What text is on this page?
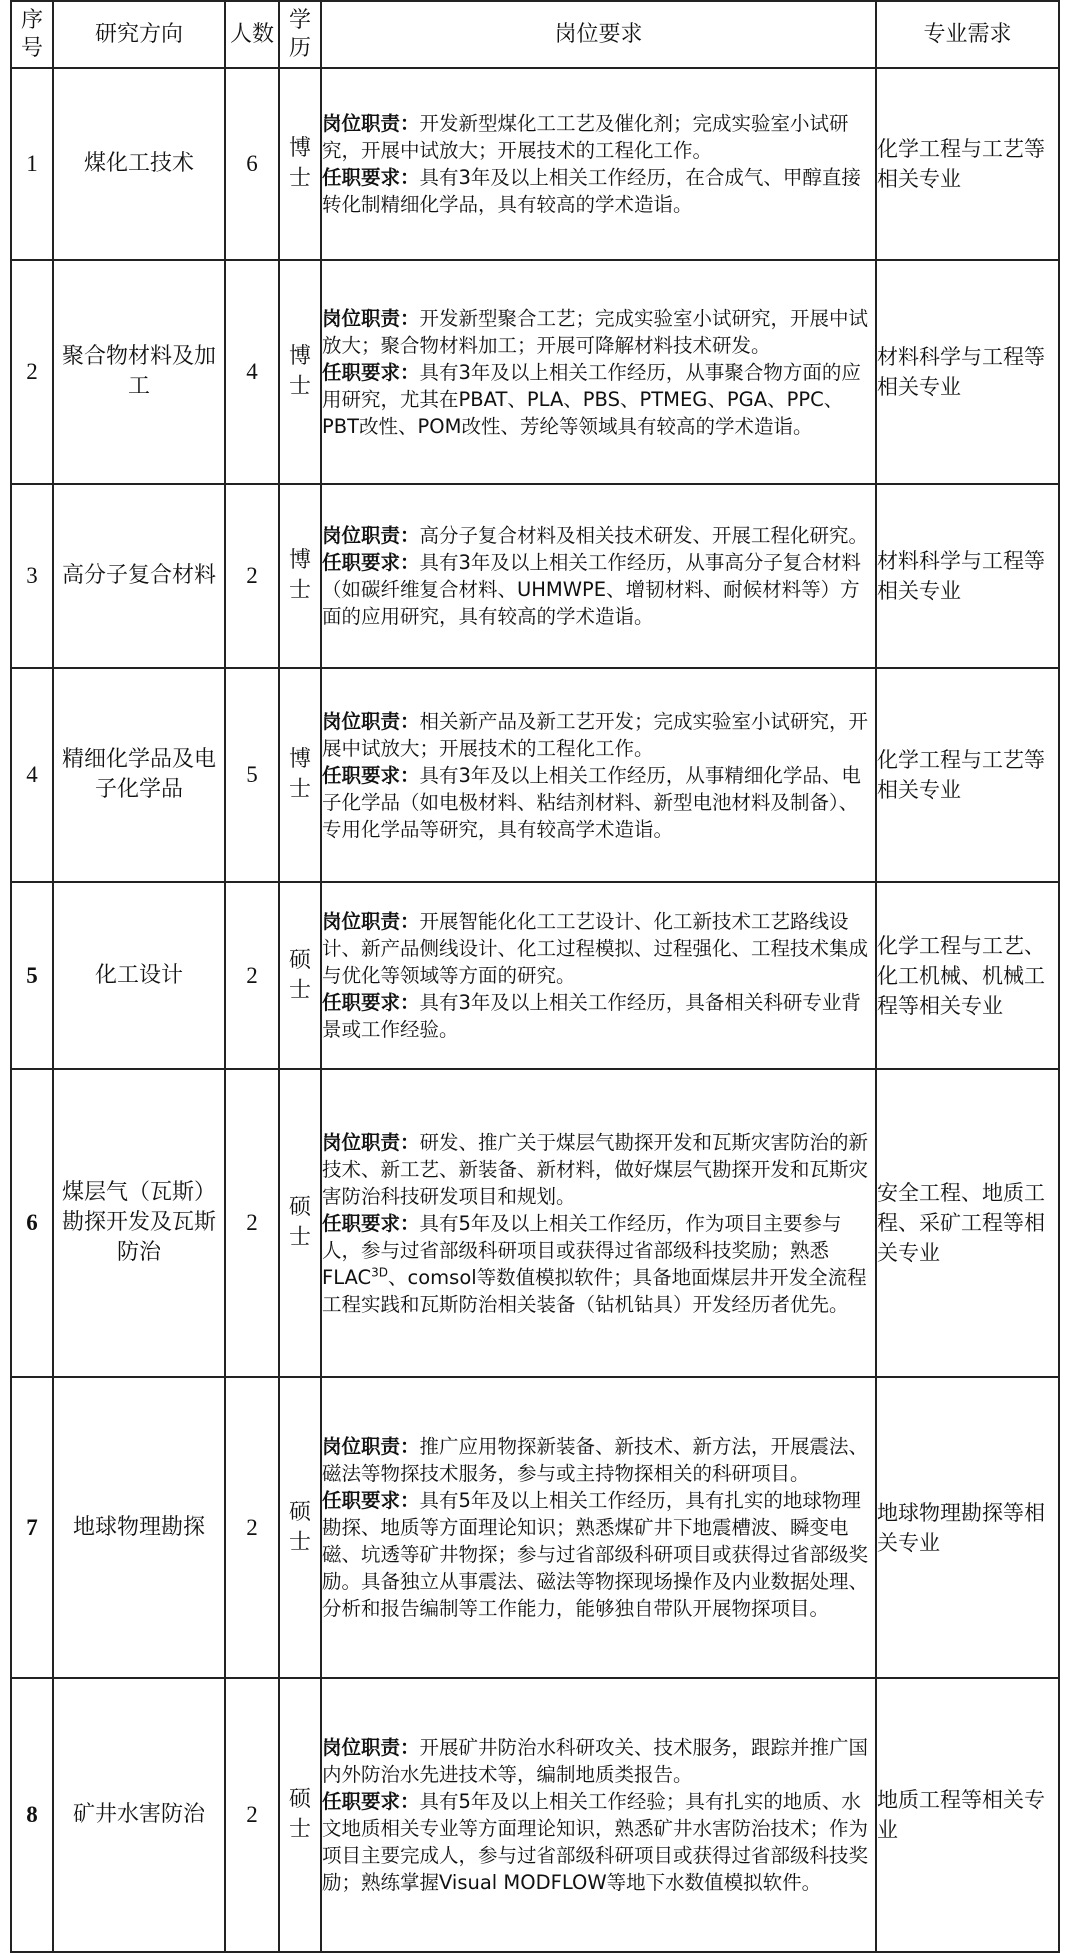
序号	研究方向	人数	学历	岗位要求	专业需求
1	煤化工技术	6	博士	岗位职责：开发新型煤化工工艺及催化剂；完成实验室小试研究，开展中试放大；开展技术的工程化工作。
任职要求：具有3年及以上相关工作经历，在合成气、甲醇直接转化制精细化学品，具有较高的学术造诣。	化学工程与工艺等相关专业
2	聚合物材料及加工	4	博士	岗位职责：开发新型聚合工艺；完成实验室小试研究，开展中试放大；聚合物材料加工；开展可降解材料技术研发。
任职要求：具有3年及以上相关工作经历，从事聚合物方面的应用研究，尤其在PBAT、PLA、PBS、PTMEG、PGA、PPC、PBT改性、POM改性、芳纶等领域具有较高的学术造诣。	材料科学与工程等相关专业
3	高分子复合材料	2	博士	岗位职责：高分子复合材料及相关技术研发、开展工程化研究。
任职要求：具有3年及以上相关工作经历，从事高分子复合材料（如碳纤维复合材料、UHMWPE、增韧材料、耐候材料等）方面的应用研究，具有较高的学术造诣。	材料科学与工程等相关专业
4	精细化学品及电子化学品	5	博士	岗位职责：相关新产品及新工艺开发；完成实验室小试研究，开展中试放大；开展技术的工程化工作。
任职要求：具有3年及以上相关工作经历，从事精细化学品、电子化学品（如电极材料、粘结剂材料、新型电池材料及制备）、专用化学品等研究，具有较高学术造诣。	化学工程与工艺等相关专业
5	化工设计	2	硕士	岗位职责：开展智能化化工工艺设计、化工新技术工艺路线设计、新产品侧线设计、化工过程模拟、过程强化、工程技术集成与优化等领域等方面的研究。
任职要求：具有3年及以上相关工作经历，具备相关科研专业背景或工作经验。	化学工程与工艺、化工机械、机械工程等相关专业
6	煤层气（瓦斯）勘探开发及瓦斯防治	2	硕士	岗位职责：研发、推广关于煤层气勘探开发和瓦斯灾害防治的新技术、新工艺、新装备、新材料，做好煤层气勘探开发和瓦斯灾害防治科技研发项目和规划。
任职要求：具有5年及以上相关工作经历，作为项目主要参与人，参与过省部级科研项目或获得过省部级科技奖励；熟悉$FLAC^{3D}$、comsol等数值模拟软件；具备地面煤层井开发全流程工程实践和瓦斯防治相关装备（钻机钻具）开发经历者优先。	安全工程、地质工程、采矿工程等相关专业
7	地球物理勘探	2	硕士	岗位职责：推广应用物探新装备、新技术、新方法，开展震法、磁法等物探技术服务，参与或主持物探相关的科研项目。
任职要求：具有5年及以上相关工作经历，具有扎实的地球物理勘探、地质等方面理论知识；熟悉煤矿井下地震槽波、瞬变电磁、坑透等矿井物探；参与过省部级科研项目或获得过省部级奖励。具备独立从事震法、磁法等物探现场操作及内业数据处理、分析和报告编制等工作能力，能够独自带队开展物探项目。	地球物理勘探等相关专业
8	矿井水害防治	2	硕士	岗位职责：开展矿井防治水科研攻关、技术服务，跟踪并推广国内外防治水先进技术等，编制地质类报告。
任职要求：具有5年及以上相关工作经验；具有扎实的地质、水文地质相关专业等方面理论知识，熟悉矿井水害防治技术；作为项目主要完成人，参与过省部级科研项目或获得过省部级科技奖励；熟练掌握Visual MODFLOW等地下水数值模拟软件。	地质工程等相关专业
